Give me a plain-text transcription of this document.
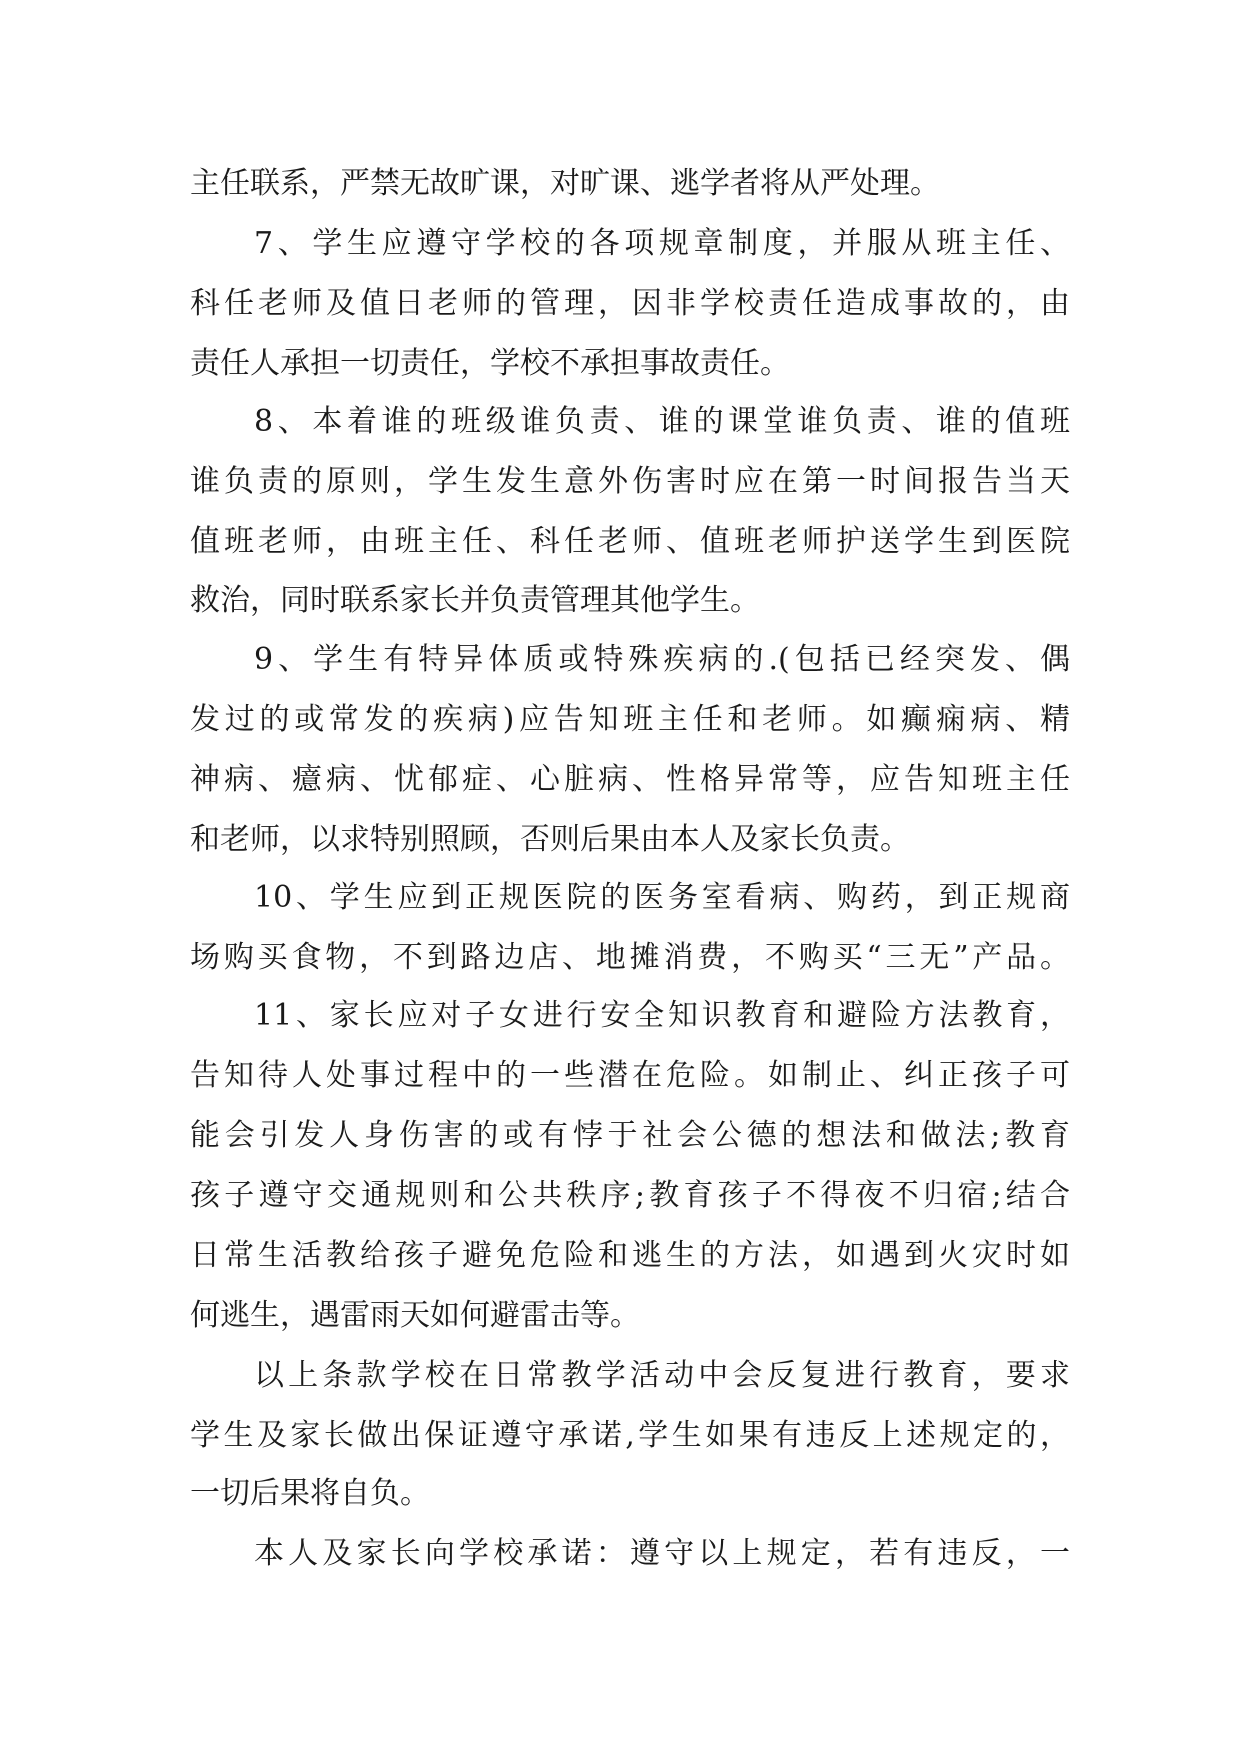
主任联系，严禁无故旷课，对旷课、逃学者将从严处理。
7、学生应遵守学校的各项规章制度，并服从班主任、
科任老师及值日老师的管理，因非学校责任造成事故的，由
责任人承担一切责任，学校不承担事故责任。
8、本着谁的班级谁负责、谁的课堂谁负责、谁的值班
谁负责的原则，学生发生意外伤害时应在第一时间报告当天
值班老师，由班主任、科任老师、值班老师护送学生到医院
救治，同时联系家长并负责管理其他学生。
9、学生有特异体质或特殊疾病的.(包括已经突发、偶
发过的或常发的疾病)应告知班主任和老师。如癫痫病、精
神病、癔病、忧郁症、心脏病、性格异常等，应告知班主任
和老师，以求特别照顾，否则后果由本人及家长负责。
10、学生应到正规医院的医务室看病、购药，到正规商
场购买食物，不到路边店、地摊消费，不购买“三无”产品。
11、家长应对子女进行安全知识教育和避险方法教育，
告知待人处事过程中的一些潜在危险。如制止、纠正孩子可
能会引发人身伤害的或有悖于社会公德的想法和做法;教育
孩子遵守交通规则和公共秩序;教育孩子不得夜不归宿;结合
日常生活教给孩子避免危险和逃生的方法，如遇到火灾时如
何逃生，遇雷雨天如何避雷击等。
以上条款学校在日常教学活动中会反复进行教育，要求
学生及家长做出保证遵守承诺,学生如果有违反上述规定的，
一切后果将自负。
本人及家长向学校承诺：遵守以上规定，若有违反，一
